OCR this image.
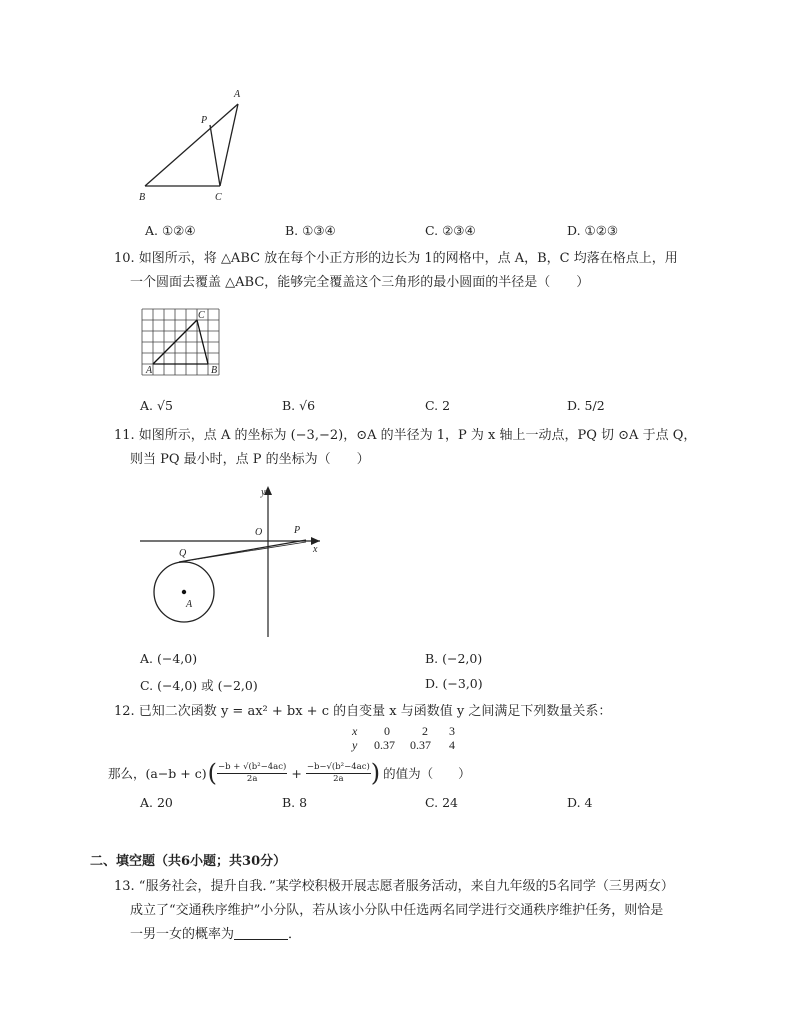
A
P
B	C
A. ①②④	B. ①③④	C. ②③④	D. ①②③
10. 如图所示，将 △ABC 放在每个小正方形的边长为 1的网格中，点 A，B，C 均落在格点上，用
一个圆面去覆盖 △ABC，能够完全覆盖这个三角形的最小圆面的半径是（　　）
A	B
C
A. √5	B. √6	C. 2	D. 5/2
11. 如图所示，点 A 的坐标为 (−3,−2)，⊙A 的半径为 1，P 为 x 轴上一动点，PQ 切 ⊙A 于点 Q，
则当 PQ 最小时，点 P 的坐标为（　　）
y
x
O	P
Q
A
A. (−4,0)	B. (−2,0)
C. (−4,0) 或 (−2,0)	D. (−3,0)
12. 已知二次函数 y = ax² + bx + c 的自变量 x 与函数值 y 之间满足下列数量关系：
x 0	2 3
y 0.37 0.37 4
那么，(a−b + c) ( $\frac{\text{−b + √(b²−4ac)}}{2a} + \frac{\text{−b−√(b²−4ac)}}{2a}$ ) 的值为（　　）
A. 20	B. 8	C. 24	D. 4
二、填空题（共6小题；共30分）
13. “服务社会，提升自我．”某学校积极开展志愿者服务活动，来自九年级的5名同学（三男两女）
成立了“交通秩序维护”小分队，若从该小分队中任选两名同学进行交通秩序维护任务，则恰是
一男一女的概率为	．
